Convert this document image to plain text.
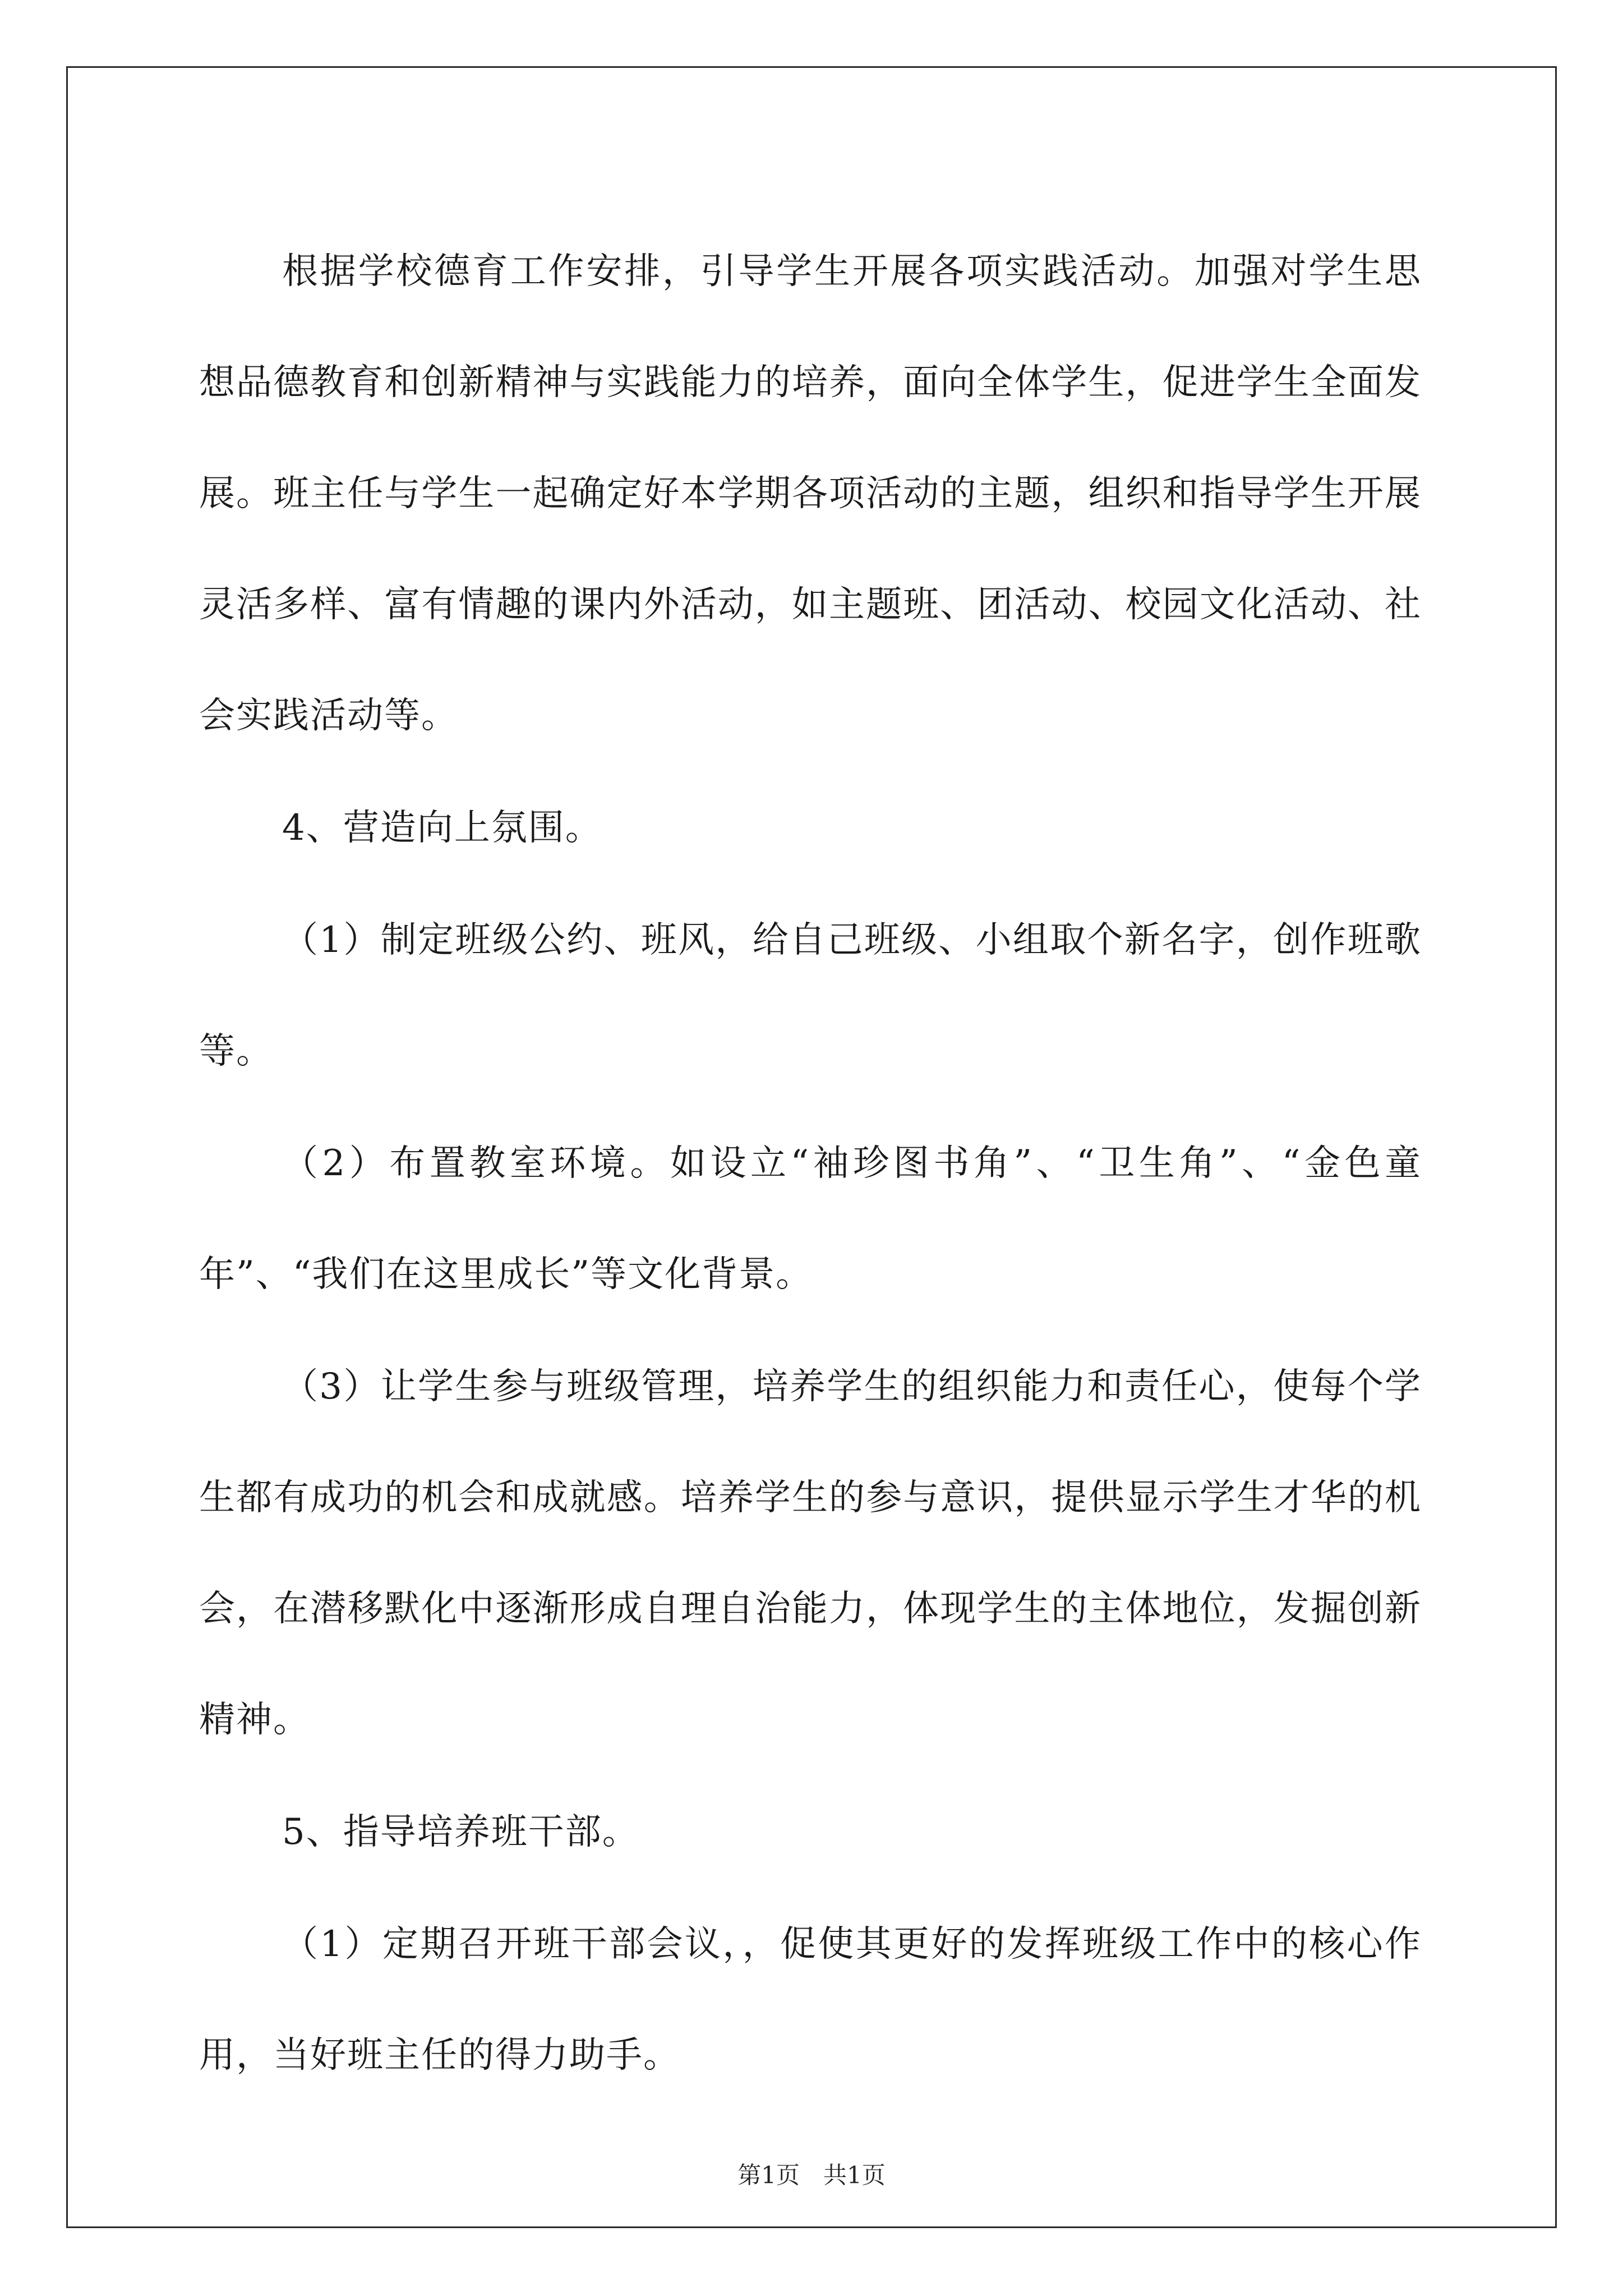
根据学校德育工作安排，引导学生开展各项实践活动。加强对学生思想品德教育和创新精神与实践能力的培养，面向全体学生，促进学生全面发展。班主任与学生一起确定好本学期各项活动的主题，组织和指导学生开展灵活多样、富有情趣的课内外活动，如主题班、团活动、校园文化活动、社会实践活动等。

4、营造向上氛围。

（1）制定班级公约、班风，给自己班级、小组取个新名字，创作班歌等。

（2）布置教室环境。如设立“袖珍图书角”、“卫生角”、“金色童年”、“我们在这里成长”等文化背景。

（3）让学生参与班级管理，培养学生的组织能力和责任心，使每个学生都有成功的机会和成就感。培养学生的参与意识，提供显示学生才华的机会，在潜移默化中逐渐形成自理自治能力，体现学生的主体地位，发掘创新精神。

5、指导培养班干部。

（1）定期召开班干部会议，，促使其更好的发挥班级工作中的核心作用，当好班主任的得力助手。

第1页　共1页
